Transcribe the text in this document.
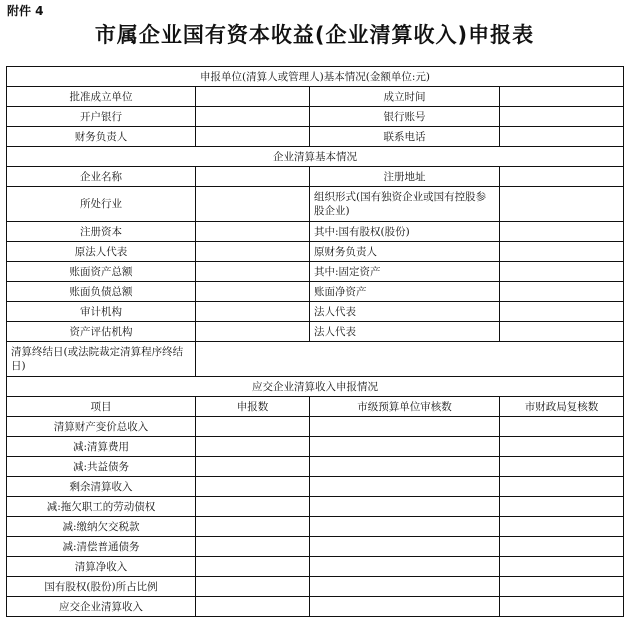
附件 4
市属企业国有资本收益(企业清算收入)申报表
申报单位(清算人或管理人)基本情况(金额单位:元)			
批准成立单位		成立时间	
开户银行		银行账号	
财务负责人		联系电话	
企业清算基本情况			
企业名称		注册地址	
所处行业		组织形式(国有独资企业或国有控股参股企业)	
注册资本		其中:国有股权(股份)	
原法人代表		原财务负责人	
账面资产总额		其中:固定资产	
账面负债总额		账面净资产	
审计机构		法人代表	
资产评估机构		法人代表	
清算终结日(或法院裁定清算程序终结日)			
应交企业清算收入申报情况			
项目	申报数	市级预算单位审核数	市财政局复核数
清算财产变价总收入			
减:清算费用			
减:共益债务			
剩余清算收入			
减:拖欠职工的劳动债权			
减:缴纳欠交税款			
减:清偿普通债务			
清算净收入			
国有股权(股份)所占比例			
应交企业清算收入			
